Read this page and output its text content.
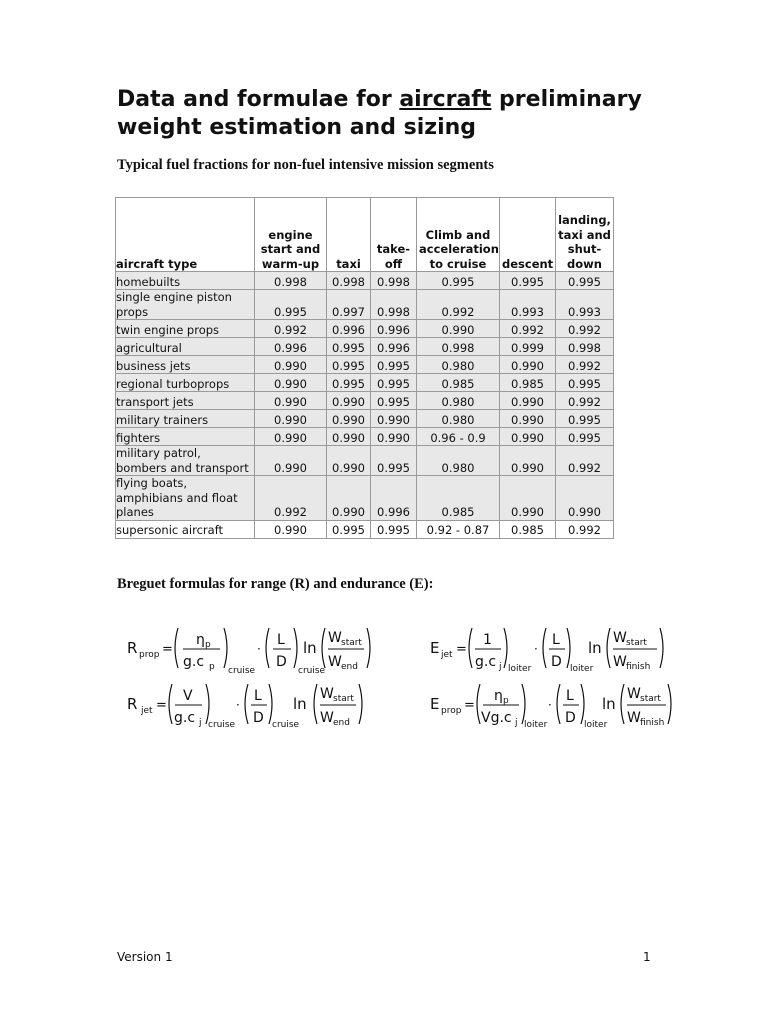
Data and formulae for aircraft preliminary weight estimation and sizing
Typical fuel fractions for non-fuel intensive mission segments
aircraft type	engine start and warm-up	taxi	take-off	Climb and acceleration to cruise	descent	landing, taxi and shut-down
homebuilts	0.998	0.998	0.998	0.995	0.995	0.995
single engine piston props	0.995	0.997	0.998	0.992	0.993	0.993
twin engine props	0.992	0.996	0.996	0.990	0.992	0.992
agricultural	0.996	0.995	0.996	0.998	0.999	0.998
business jets	0.990	0.995	0.995	0.980	0.990	0.992
regional turboprops	0.990	0.995	0.995	0.985	0.985	0.995
transport jets	0.990	0.990	0.995	0.980	0.990	0.992
military trainers	0.990	0.990	0.990	0.980	0.990	0.995
fighters	0.990	0.990	0.990	0.96 - 0.9	0.990	0.995
military patrol, bombers and transport	0.990	0.990	0.995	0.980	0.990	0.992
flying boats, amphibians and float planes	0.992	0.990	0.996	0.985	0.990	0.990
supersonic aircraft	0.990	0.995	0.995	0.92 - 0.87	0.985	0.992
Breguet formulas for range (R) and endurance (E):
R prop =
η p
g.c p cruise
·
L
D
cruise
ln
W start
W end
R jet =
V
g.c j cruise
·
L
D cruise
ln
W start
W end
E jet =
1
g.c j loiter
·
L
D loiter
ln
W start
W finish
E prop =
η p
Vg.c j loiter
·
L
D loiter
ln
W start
W finish
Version 1	1
